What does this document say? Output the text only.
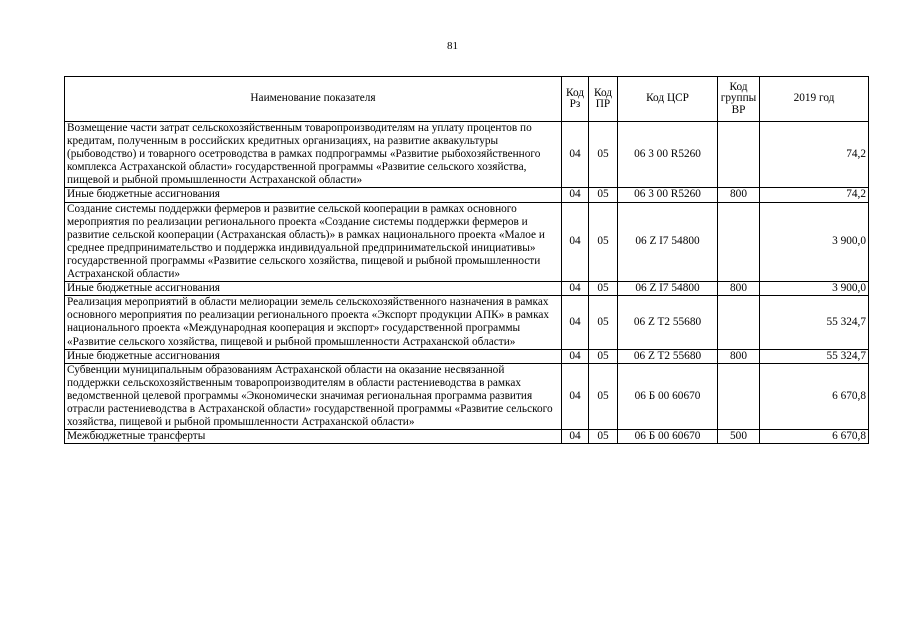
81
Наименование показателя	Код Рз	Код ПР	Код ЦСР	Код группы ВР	2019 год
Возмещение части затрат сельскохозяйственным товаропроизводителям на уплату процентов по кредитам, полученным в российских кредитных организациях, на развитие аквакультуры (рыбоводство) и товарного осетроводства в рамках подпрограммы «Развитие рыбохозяйственного комплекса Астраханской области» государственной программы «Развитие сельского хозяйства, пищевой и рыбной промышленности Астраханской области»	04	05	06 3 00 R5260		74,2
Иные бюджетные ассигнования	04	05	06 3 00 R5260	800	74,2
Создание системы поддержки фермеров и развитие сельской кооперации в рамках основного мероприятия по реализации регионального проекта «Создание системы поддержки фермеров и развитие сельской кооперации (Астраханская область)» в рамках национального проекта «Малое и среднее предпринимательство и поддержка индивидуальной предпринимательской инициативы» государственной программы «Развитие сельского хозяйства, пищевой и рыбной промышленности Астраханской области»	04	05	06 Z I7 54800		3 900,0
Иные бюджетные ассигнования	04	05	06 Z I7 54800	800	3 900,0
Реализация мероприятий в области мелиорации земель сельскохозяйственного назначения в рамках основного мероприятия по реализации регионального проекта «Экспорт продукции АПК» в рамках национального проекта «Международная кооперация и экспорт» государственной программы «Развитие сельского хозяйства, пищевой и рыбной промышленности Астраханской области»	04	05	06 Z T2 55680		55 324,7
Иные бюджетные ассигнования	04	05	06 Z T2 55680	800	55 324,7
Субвенции муниципальным образованиям Астраханской области на оказание несвязанной поддержки сельскохозяйственным товаропроизводителям в области растениеводства в рамках ведомственной целевой программы «Экономически значимая региональная программа развития отрасли растениеводства в Астраханской области» государственной программы «Развитие сельского хозяйства, пищевой и рыбной промышленности Астраханской области»	04	05	06 Б 00 60670		6 670,8
Межбюджетные трансферты	04	05	06 Б 00 60670	500	6 670,8
